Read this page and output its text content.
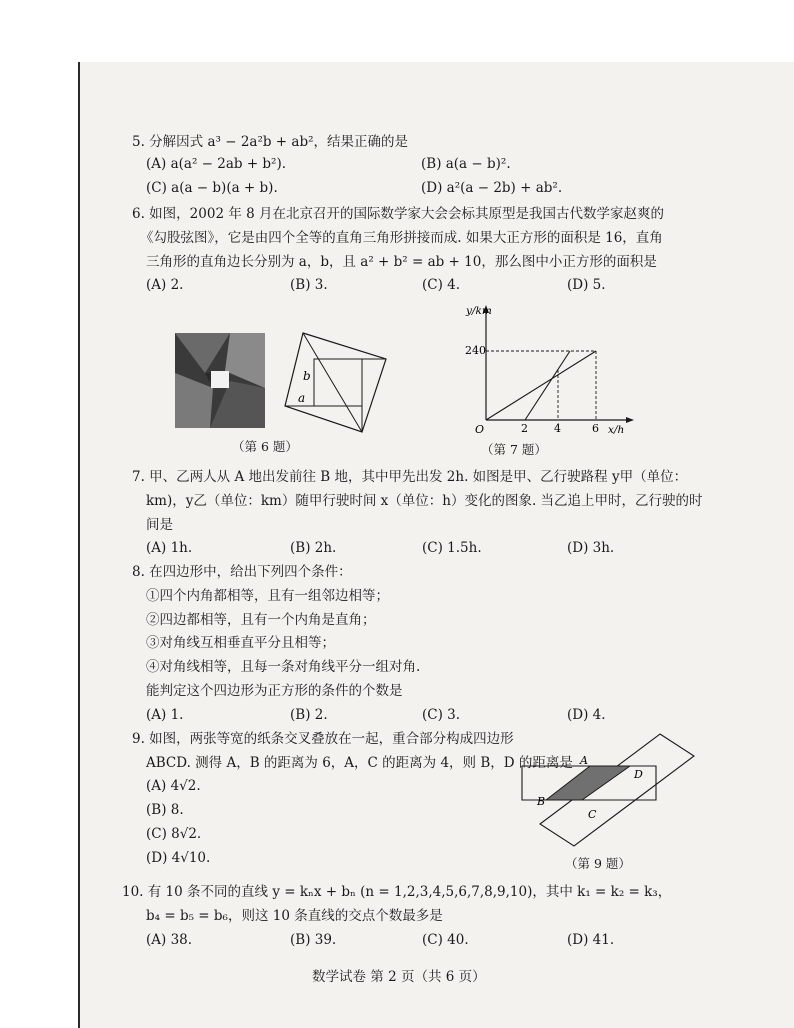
5. 分解因式 a³ − 2a²b + ab²，结果正确的是
(A) a(a² − 2ab + b²).	(B) a(a − b)².
(C) a(a − b)(a + b).	(D) a²(a − 2b) + ab².
6. 如图，2002 年 8 月在北京召开的国际数学家大会会标其原型是我国古代数学家赵爽的
《勾股弦图》，它是由四个全等的直角三角形拼接而成. 如果大正方形的面积是 16，直角
三角形的直角边长分别为 a，b，且 a² + b² = ab + 10，那么图中小正方形的面积是
(A) 2.	(B) 3.	(C) 4.	(D) 5.
b
a
（第 6 题）
y/km
x/h
O
240
2 4	6
（第 7 题）
7. 甲、乙两人从 A 地出发前往 B 地，其中甲先出发 2h. 如图是甲、乙行驶路程 y甲（单位：
km)，y乙（单位：km）随甲行驶时间 x（单位：h）变化的图象. 当乙追上甲时，乙行驶的时
间是
(A) 1h.	(B) 2h.	(C) 1.5h.	(D) 3h.
8. 在四边形中，给出下列四个条件：
①四个内角都相等，且有一组邻边相等；
②四边都相等，且有一个内角是直角；
③对角线互相垂直平分且相等；
④对角线相等，且每一条对角线平分一组对角.
能判定这个四边形为正方形的条件的个数是
(A) 1.	(B) 2.	(C) 3.	(D) 4.
9. 如图，两张等宽的纸条交叉叠放在一起，重合部分构成四边形
ABCD. 测得 A，B 的距离为 6，A，C 的距离为 4，则 B，D 的距离是
(A) 4√2.
(B) 8.
(C) 8√2.
(D) 4√10.
A
D
B
C
（第 9 题）
10. 有 10 条不同的直线 y = kₙx + bₙ (n = 1,2,3,4,5,6,7,8,9,10)，其中 k₁ = k₂ = k₃，
b₄ = b₅ = b₆，则这 10 条直线的交点个数最多是
(A) 38.	(B) 39.	(C) 40.	(D) 41.
数学试卷 第 2 页（共 6 页）
